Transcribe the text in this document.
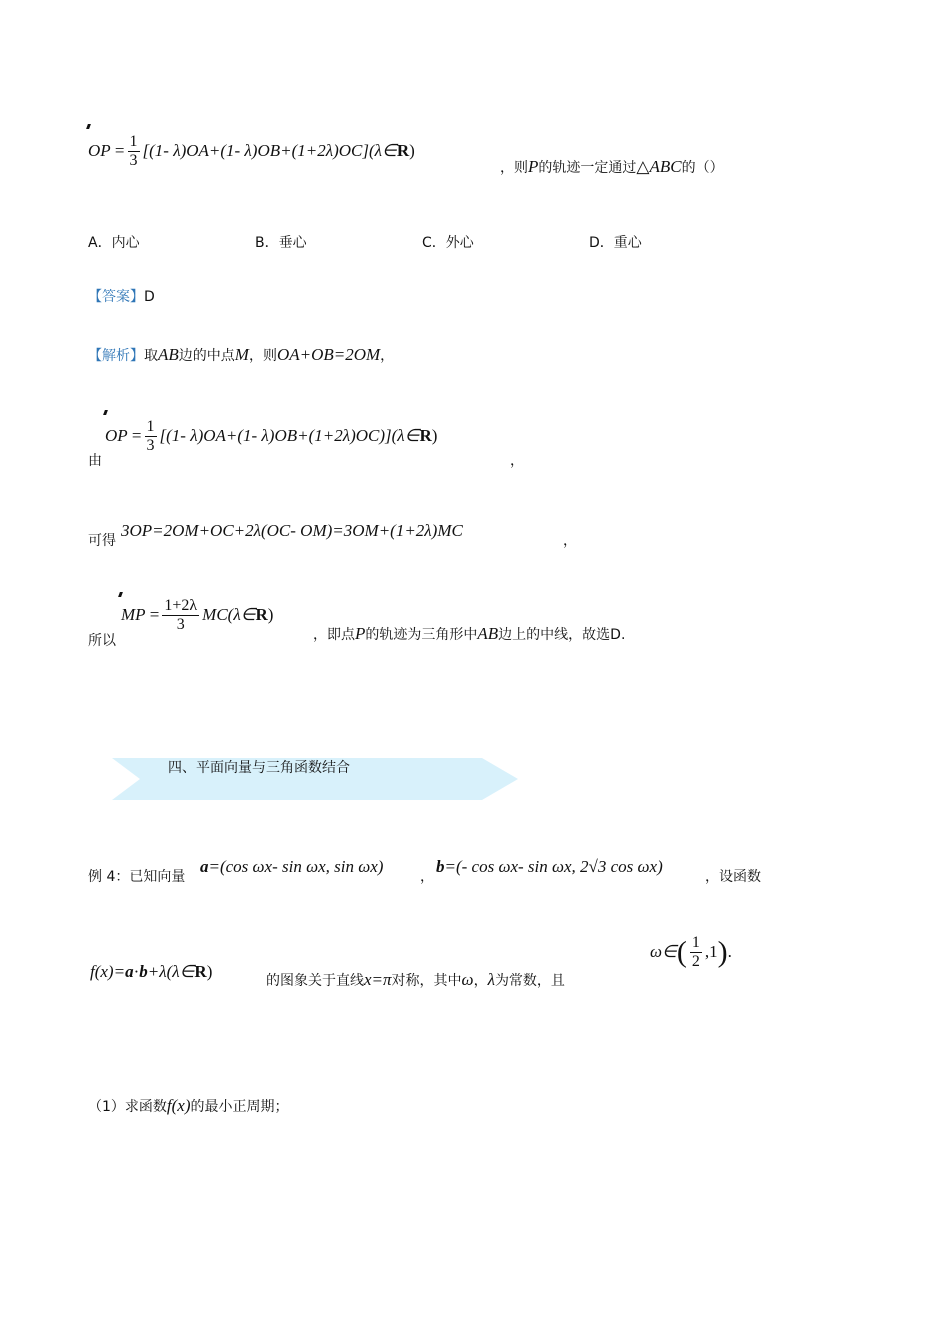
OP = $\frac{1}{3} [(1-$ λ)OA+(1- λ)OB+(1+2λ)OC](λ∈R)
，则P的轨迹一定通过△ABC的（）
A．内心	B．垂心	C．外心	D．重心
【答案】D
【解析】取AB边的中点M，则OA+OB=2OM，
由
OP = $\frac{1}{3} [(1-$ λ)OA+(1- λ)OB+(1+2λ)OC)](λ∈R)
，
可得
3OP=2OM+OC+2λ(OC- OM)=3OM+(1+2λ)MC
，
所以
MP = $\frac{1+2\lambda}{3}$ MC(λ∈R)
，即点P的轨迹为三角形中AB边上的中线，故选D.
四、平面向量与三角函数结合
例 4：已知向量
a=(cos ωx- sin ωx, sin ωx)
，
b=(- cos ωx- sin ωx, 2√3 cos ωx)
，设函数
f(x)=a·b+λ(λ∈R)	的图象关于直线x=π对称，其中ω，λ为常数，且
ω∈( $\frac{1}{2} ,1$).
（1）求函数f(x)的最小正周期；
